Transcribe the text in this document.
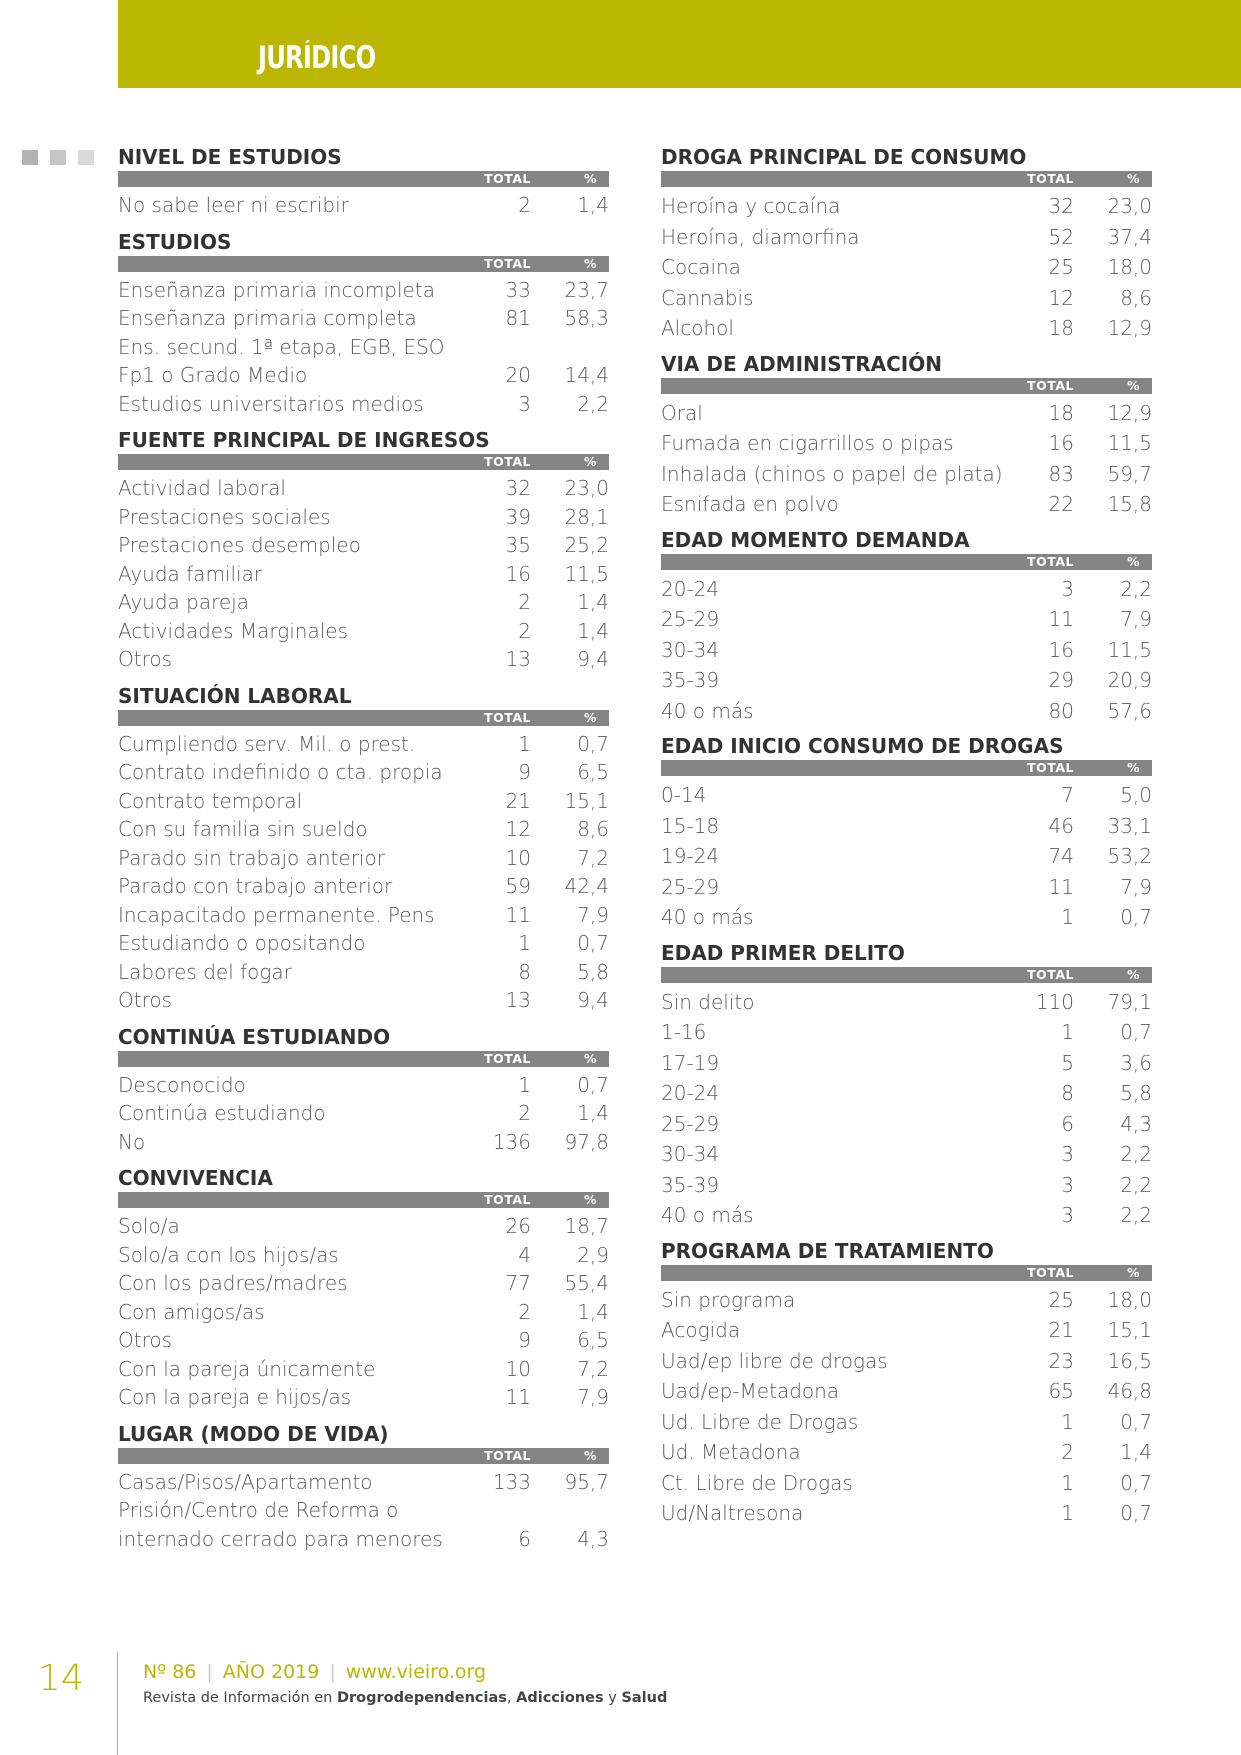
JURÍDICO
NIVEL DE ESTUDIOS
TOTAL	%
No sabe leer ni escribir	2 1,4
ESTUDIOS
TOTAL	%
Enseñanza primaria incompleta	33 23,7
Enseñanza primaria completa	81 58,3
Ens. secund. 1ª etapa, EGB, ESO
Fp1 o Grado Medio	20 14,4
Estudios universitarios medios	3 2,2
FUENTE PRINCIPAL DE INGRESOS
TOTAL	%
Actividad laboral	32 23,0
Prestaciones sociales	39 28,1
Prestaciones desempleo	35 25,2
Ayuda familiar	16 11,5
Ayuda pareja	2 1,4
Actividades Marginales	2 1,4
Otros	13 9,4
SITUACIÓN LABORAL
TOTAL	%
Cumpliendo serv. Mil. o prest.	1 0,7
Contrato indefinido o cta. propia	9 6,5
Contrato temporal	21 15,1
Con su familia sin sueldo	12 8,6
Parado sin trabajo anterior	10 7,2
Parado con trabajo anterior	59 42,4
Incapacitado permanente. Pens	11 7,9
Estudiando o opositando	1 0,7
Labores del fogar	8 5,8
Otros	13 9,4
CONTINÚA ESTUDIANDO
TOTAL	%
Desconocido	1 0,7
Continúa estudiando	2 1,4
No	136 97,8
CONVIVENCIA
TOTAL	%
Solo/a	26 18,7
Solo/a con los hijos/as	4 2,9
Con los padres/madres	77 55,4
Con amigos/as	2 1,4
Otros	9 6,5
Con la pareja únicamente	10 7,2
Con la pareja e hijos/as	11 7,9
LUGAR (MODO DE VIDA)
TOTAL	%
Casas/Pisos/Apartamento	133 95,7
Prisión/Centro de Reforma o
internado cerrado para menores	6 4,3
DROGA PRINCIPAL DE CONSUMO
TOTAL	%
Heroína y cocaína	32 23,0
Heroína, diamorfina	52 37,4
Cocaina	25 18,0
Cannabis	12 8,6
Alcohol	18 12,9
VIA DE ADMINISTRACIÓN
TOTAL	%
Oral	18 12,9
Fumada en cigarrillos o pipas	16 11,5
Inhalada (chinos o papel de plata)	83 59,7
Esnifada en polvo	22 15,8
EDAD MOMENTO DEMANDA
TOTAL	%
20-24	3 2,2
25-29	11 7,9
30-34	16 11,5
35-39	29 20,9
40 o más	80 57,6
EDAD INICIO CONSUMO DE DROGAS
TOTAL	%
0-14	7 5,0
15-18	46 33,1
19-24	74 53,2
25-29	11 7,9
40 o más	1 0,7
EDAD PRIMER DELITO
TOTAL	%
Sin delito	110 79,1
1-16	1 0,7
17-19	5 3,6
20-24	8 5,8
25-29	6 4,3
30-34	3 2,2
35-39	3 2,2
40 o más	3 2,2
PROGRAMA DE TRATAMIENTO
TOTAL	%
Sin programa	25 18,0
Acogida	21 15,1
Uad/ep libre de drogas	23 16,5
Uad/ep-Metadona	65 46,8
Ud. Libre de Drogas	1 0,7
Ud. Metadona	2 1,4
Ct. Libre de Drogas	1 0,7
Ud/Naltresona	1 0,7
14	Nº 86 | AÑO 2019 | www.vieiro.org
Revista de Información en Drogrodependencias, Adicciones y Salud
